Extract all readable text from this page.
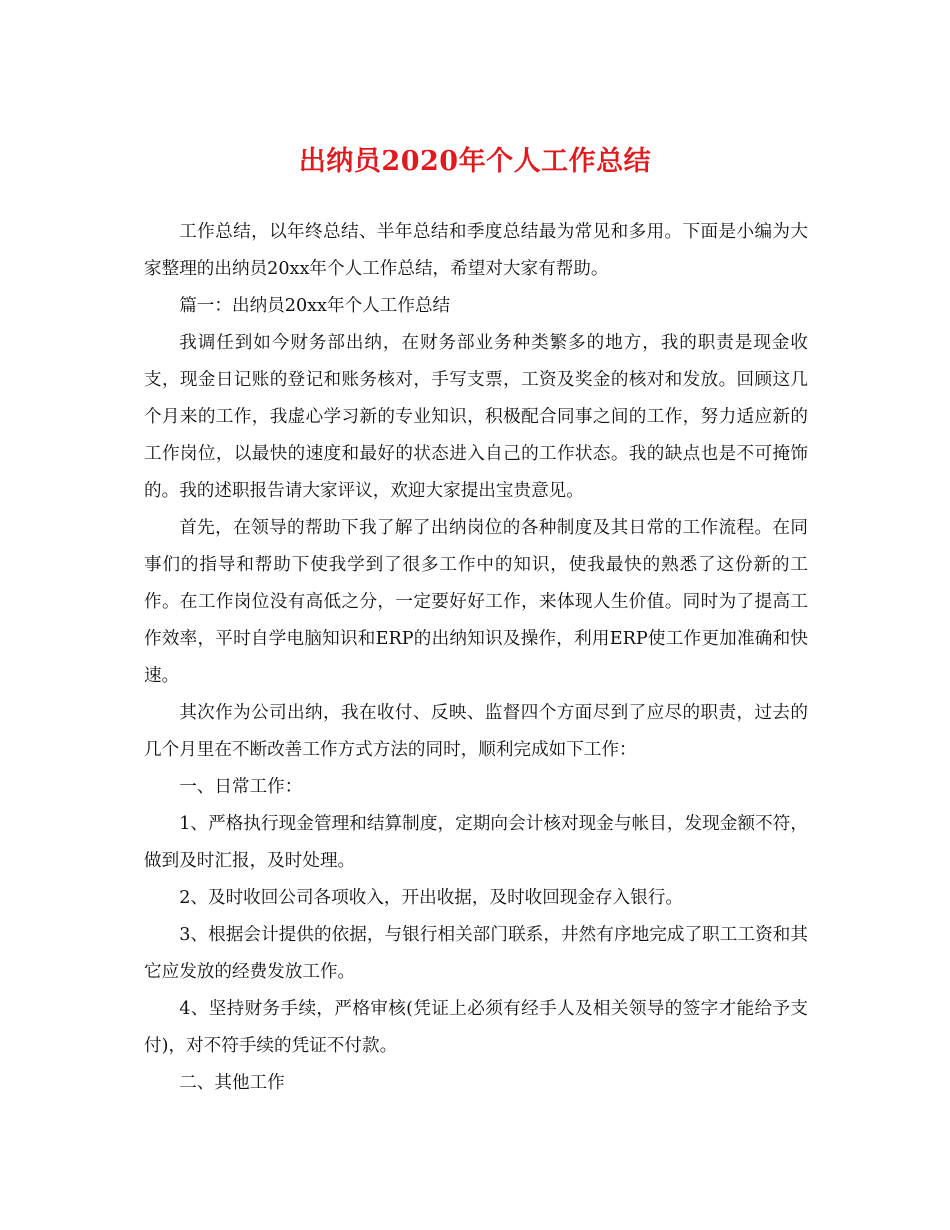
出纳员2020年个人工作总结

工作总结，以年终总结、半年总结和季度总结最为常见和多用。下面是小编为大家整理的出纳员20xx年个人工作总结，希望对大家有帮助。

篇一：出纳员20xx年个人工作总结

我调任到如今财务部出纳，在财务部业务种类繁多的地方，我的职责是现金收支，现金日记账的登记和账务核对，手写支票，工资及奖金的核对和发放。回顾这几个月来的工作，我虚心学习新的专业知识，积极配合同事之间的工作，努力适应新的工作岗位，以最快的速度和最好的状态进入自己的工作状态。我的缺点也是不可掩饰的。我的述职报告请大家评议，欢迎大家提出宝贵意见。

首先，在领导的帮助下我了解了出纳岗位的各种制度及其日常的工作流程。在同事们的指导和帮助下使我学到了很多工作中的知识，使我最快的熟悉了这份新的工作。在工作岗位没有高低之分，一定要好好工作，来体现人生价值。同时为了提高工作效率，平时自学电脑知识和ERP的出纳知识及操作，利用ERP使工作更加准确和快速。

其次作为公司出纳，我在收付、反映、监督四个方面尽到了应尽的职责，过去的几个月里在不断改善工作方式方法的同时，顺利完成如下工作：

一、日常工作：

1、严格执行现金管理和结算制度，定期向会计核对现金与帐目，发现金额不符，做到及时汇报，及时处理。

2、及时收回公司各项收入，开出收据，及时收回现金存入银行。

3、根据会计提供的依据，与银行相关部门联系，井然有序地完成了职工工资和其它应发放的经费发放工作。

4、坚持财务手续，严格审核(凭证上必须有经手人及相关领导的签字才能给予支付)，对不符手续的凭证不付款。

二、其他工作
